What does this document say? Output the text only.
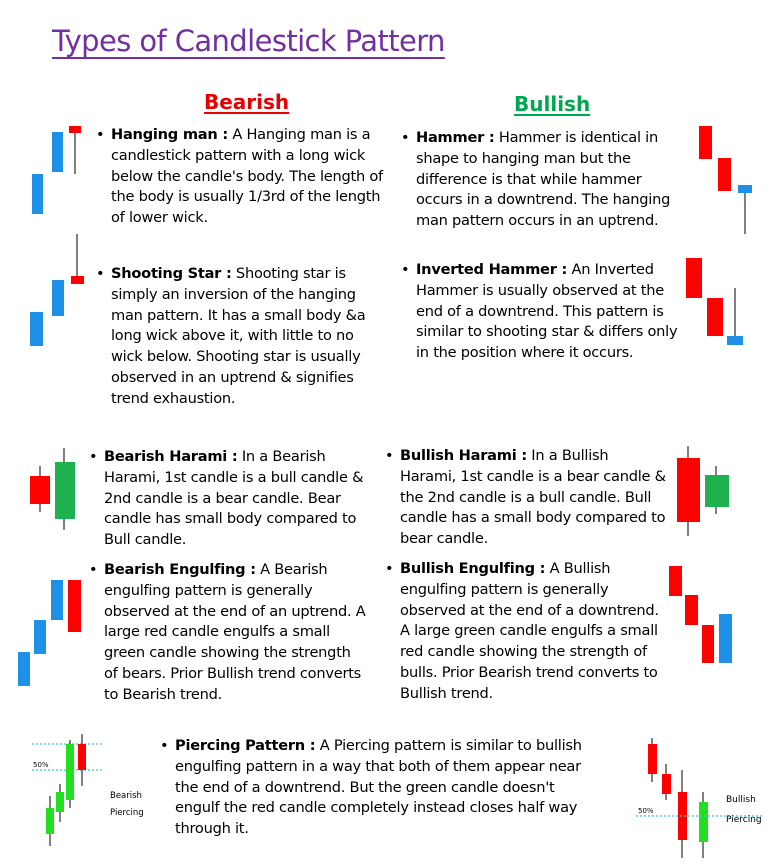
Types of Candlestick Pattern
Bearish	Bullish
• Hanging man : A Hanging man is a candlestick pattern with a long wick below the candle's body. The length of the body is usually 1/3rd of the length of lower wick.
• Shooting Star : Shooting star is simply an inversion of the hanging man pattern. It has a small body &a long wick above it, with little to no wick below. Shooting star is usually observed in an uptrend & signifies trend exhaustion.
• Bearish Harami : In a Bearish Harami, 1st candle is a bull candle & 2nd candle is a bear candle. Bear candle has small body compared to Bull candle.
• Bearish Engulfing : A Bearish engulfing pattern is generally observed at the end of an uptrend. A large red candle engulfs a small green candle showing the strength of bears. Prior Bullish trend converts to Bearish trend.
• Hammer : Hammer is identical in shape to hanging man but the difference is that while hammer occurs in a downtrend. The hanging man pattern occurs in an uptrend.
• Inverted Hammer : An Inverted Hammer is usually observed at the end of a downtrend. This pattern is similar to shooting star & differs only in the position where it occurs.
• Bullish Harami : In a Bullish Harami, 1st candle is a bear candle & the 2nd candle is a bull candle. Bull candle has a small body compared to bear candle.
• Bullish Engulfing : A Bullish engulfing pattern is generally observed at the end of a downtrend. A large green candle engulfs a small red candle showing the strength of bulls. Prior Bearish trend converts to Bullish trend.
• Piercing Pattern : A Piercing pattern is similar to bullish engulfing pattern in a way that both of them appear near the end of a downtrend. But the green candle doesn't engulf the red candle completely instead closes half way through it.
50%
Bearish
Piercing	50%
Bullish
Piercing
